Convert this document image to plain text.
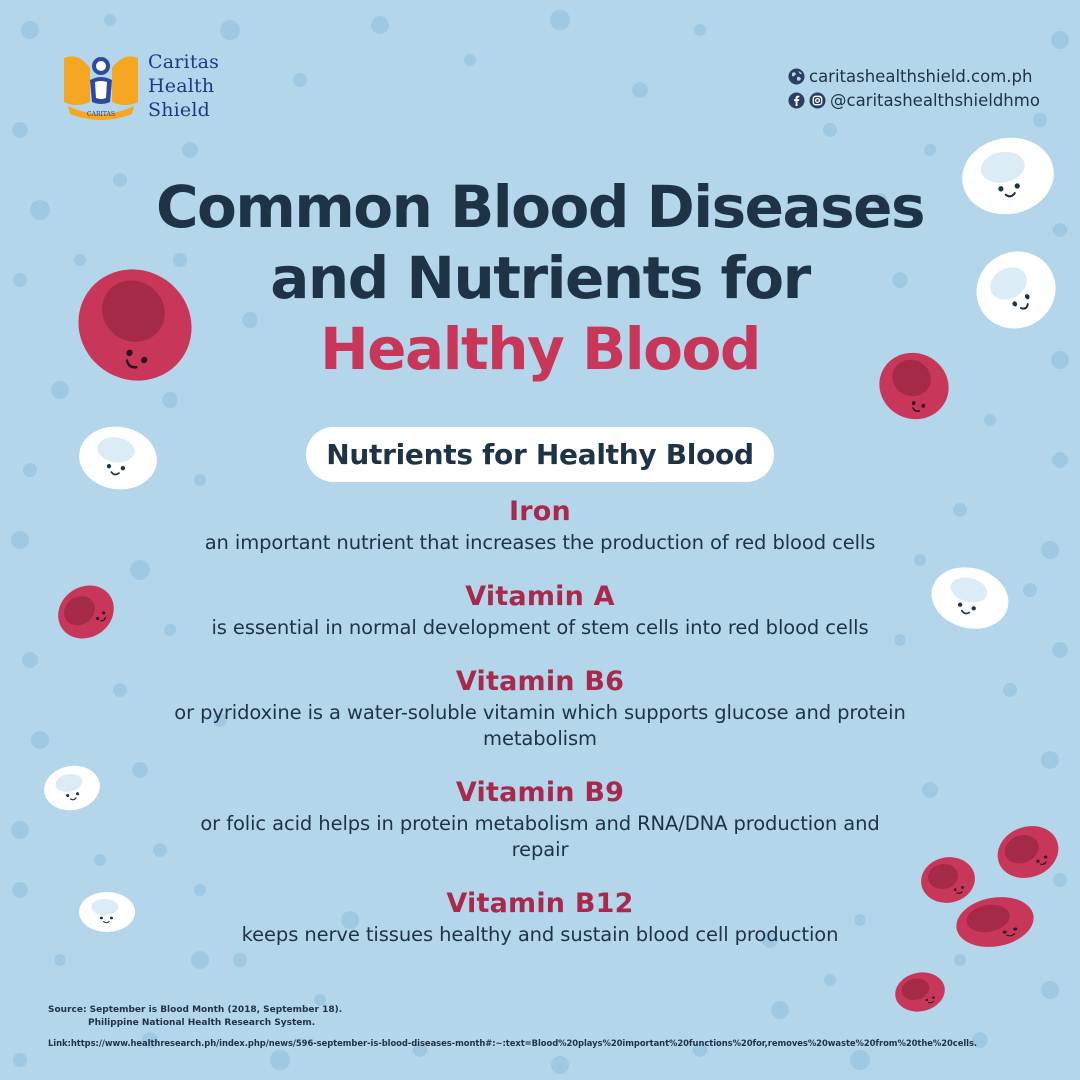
CARITAS
Caritas
Health
Shield
caritashealthshield.com.ph
@caritashealthshieldhmo
Common Blood Diseases
and Nutrients for
Healthy Blood
Nutrients for Healthy Blood
Iron
an important nutrient that increases the production of red blood cells
Vitamin A
is essential in normal development of stem cells into red blood cells
Vitamin B6
or pyridoxine is a water-soluble vitamin which supports glucose and protein metabolism
Vitamin B9
or folic acid helps in protein metabolism and RNA/DNA production and repair
Vitamin B12
keeps nerve tissues healthy and sustain blood cell production
Source: September is Blood Month (2018, September 18).
Philippine National Health Research System.
Link:https://www.healthresearch.ph/index.php/news/596-september-is-blood-diseases-month#:~:text=Blood%20plays%20important%20functions%20for,removes%20waste%20from%20the%20cells.
